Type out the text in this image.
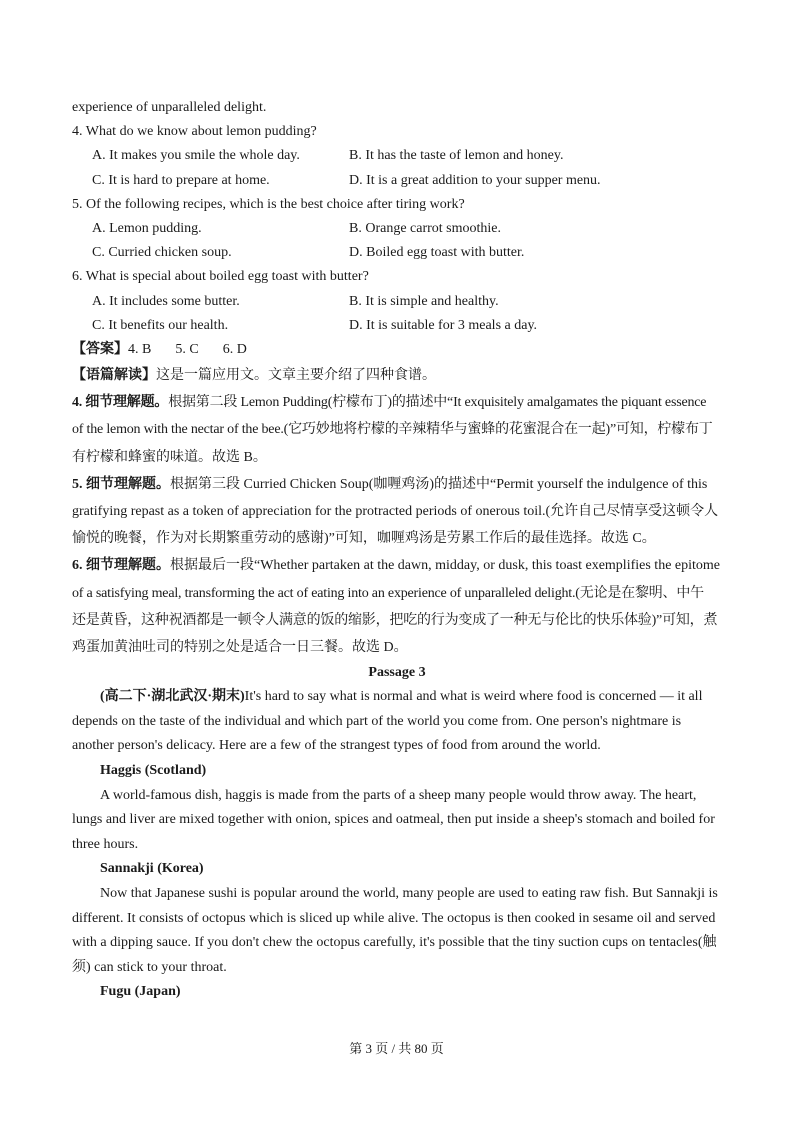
experience of unparalleled delight.

4. What do we know about lemon pudding?

A. It makes you smile the whole day.	B. It has the taste of lemon and honey.
C. It is hard to prepare at home.	D. It is a great addition to your supper menu.

5. Of the following recipes, which is the best choice after tiring work?

A. Lemon pudding.	B. Orange carrot smoothie.
C. Curried chicken soup.	D. Boiled egg toast with butter.

6. What is special about boiled egg toast with butter?

A. It includes some butter.	B. It is simple and healthy.
C. It benefits our health.	D. It is suitable for 3 meals a day.

【答案】4. B 5. C 6. D

【语篇解读】这是一篇应用文。文章主要介绍了四种食谱。

4. 细节理解题。根据第二段 Lemon Pudding(柠檬布丁)的描述中“It exquisitely amalgamates the piquant essence

of the lemon with the nectar of the bee.(它巧妙地将柠檬的辛辣精华与蜜蜂的花蜜混合在一起)”可知，柠檬布丁

有柠檬和蜂蜜的味道。故选 B。

5. 细节理解题。根据第三段 Curried Chicken Soup(咖喱鸡汤)的描述中“Permit yourself the indulgence of this

gratifying repast as a token of appreciation for the protracted periods of onerous toil.(允许自己尽情享受这顿令人

愉悦的晚餐，作为对长期繁重劳动的感谢)”可知，咖喱鸡汤是劳累工作后的最佳选择。故选 C。

6. 细节理解题。根据最后一段“Whether partaken at the dawn, midday, or dusk, this toast exemplifies the epitome

of a satisfying meal, transforming the act of eating into an experience of unparalleled delight.(无论是在黎明、中午

还是黄昏，这种祝酒都是一顿令人满意的饭的缩影，把吃的行为变成了一种无与伦比的快乐体验)”可知，煮

鸡蛋加黄油吐司的特别之处是适合一日三餐。故选 D。

Passage 3

(高二下·湖北武汉·期末)It's hard to say what is normal and what is weird where food is concerned — it all

depends on the taste of the individual and which part of the world you come from. One person's nightmare is

another person's delicacy. Here are a few of the strangest types of food from around the world.

Haggis (Scotland)

A world-famous dish, haggis is made from the parts of a sheep many people would throw away. The heart,

lungs and liver are mixed together with onion, spices and oatmeal, then put inside a sheep's stomach and boiled for

three hours.

Sannakji (Korea)

Now that Japanese sushi is popular around the world, many people are used to eating raw fish. But Sannakji is

different. It consists of octopus which is sliced up while alive. The octopus is then cooked in sesame oil and served

with a dipping sauce. If you don't chew the octopus carefully, it's possible that the tiny suction cups on tentacles(触

须) can stick to your throat.

Fugu (Japan)

第 3 页 / 共 80 页
